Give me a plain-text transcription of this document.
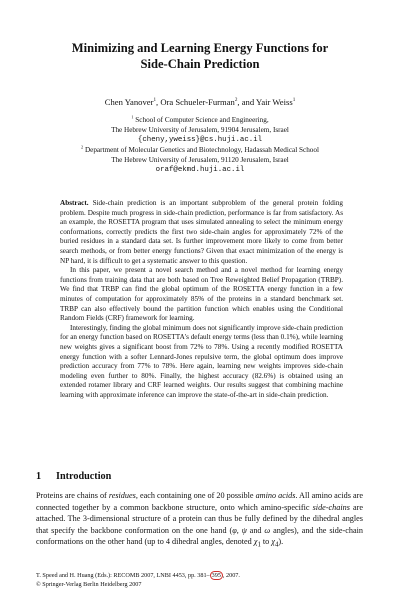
Minimizing and Learning Energy Functions for
Side-Chain Prediction
Chen Yanover$^1$, Ora Schueler-Furman$^2$, and Yair Weiss$^1$
$^1$ School of Computer Science and Engineering,
The Hebrew University of Jerusalem, 91904 Jerusalem, Israel
{cheny,yweiss}@cs.huji.ac.il
$^2$ Department of Molecular Genetics and Biotechnology, Hadassah Medical School
The Hebrew University of Jerusalem, 91120 Jerusalem, Israel
oraf@ekmd.huji.ac.il

Abstract. Side-chain prediction is an important subproblem of the general protein folding problem. Despite much progress in side-chain prediction, performance is far from satisfactory. As an example, the ROSETTA program that uses simulated annealing to select the minimum energy conformations, correctly predicts the first two side-chain angles for approximately 72% of the buried residues in a standard data set. Is further improvement more likely to come from better search methods, or from better energy functions? Given that exact minimization of the energy is NP hard, it is difficult to get a systematic answer to this question.

In this paper, we present a novel search method and a novel method for learning energy functions from training data that are both based on Tree Reweighted Belief Propagation (TRBP). We find that TRBP can find the global optimum of the ROSETTA energy function in a few minutes of computation for approximately 85% of the proteins in a standard benchmark set. TRBP can also effectively bound the partition function which enables using the Conditional Random Fields (CRF) framework for learning.

Interestingly, finding the global minimum does not significantly improve side-chain prediction for an energy function based on ROSETTA's default energy terms (less than 0.1%), while learning new weights gives a significant boost from 72% to 78%. Using a recently modified ROSETTA energy function with a softer Lennard-Jones repulsive term, the global optimum does improve prediction accuracy from 77% to 78%. Here again, learning new weights improves side-chain modeling even further to 80%. Finally, the highest accuracy (82.6%) is obtained using an extended rotamer library and CRF learned weights. Our results suggest that combining machine learning with approximate inference can improve the state-of-the-art in side-chain prediction.

1 Introduction

Proteins are chains of residues, each containing one of 20 possible amino acids. All amino acids are connected together by a common backbone structure, onto which amino-specific side-chains are attached. The 3-dimensional structure of a protein can thus be fully defined by the dihedral angles that specify the backbone conformation on the one hand (φ, ψ and ω angles), and the side-chain conformations on the other hand (up to 4 dihedral angles, denoted $\chi_1$ to $\chi_4$).

T. Speed and H. Huang (Eds.): RECOMB 2007, LNBI 4453, pp. 381– 395 , 2007.
© Springer-Verlag Berlin Heidelberg 2007
